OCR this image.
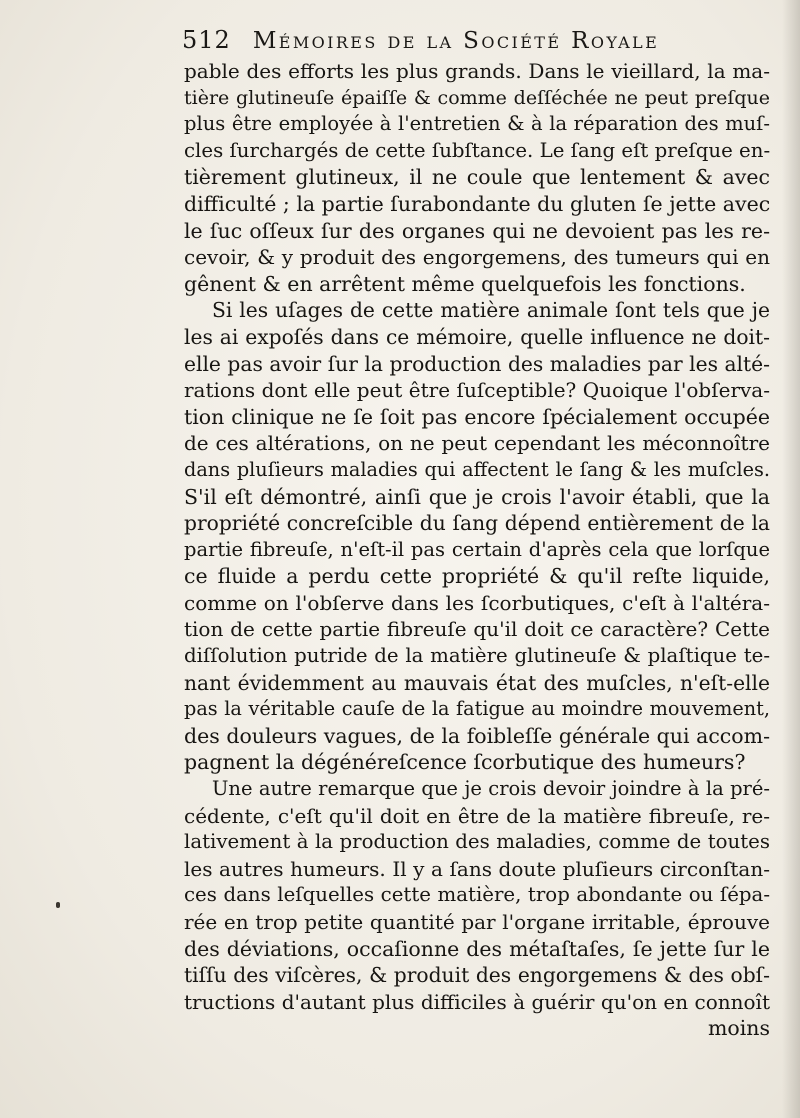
512 Mémoires de la Société Royale
pable des efforts les plus grands. Dans le vieillard, la ma-
tière glutineuſe épaiſſe & comme deſſéchée ne peut preſque
plus être employée à l'entretien & à la réparation des muſ-
cles ſurchargés de cette ſubſtance. Le ſang eſt preſque en-
tièrement glutineux, il ne coule que lentement & avec
difficulté ; la partie ſurabondante du gluten ſe jette avec
le ſuc oſſeux ſur des organes qui ne devoient pas les re-
cevoir, & y produit des engorgemens, des tumeurs qui en
gênent & en arrêtent même quelquefois les fonctions.
Si les uſages de cette matière animale ſont tels que je
les ai expoſés dans ce mémoire, quelle influence ne doit-
elle pas avoir ſur la production des maladies par les alté-
rations dont elle peut être ſuſceptible? Quoique l'obſerva-
tion clinique ne ſe ſoit pas encore ſpécialement occupée
de ces altérations, on ne peut cependant les méconnoître
dans pluſieurs maladies qui affectent le ſang & les muſcles.
S'il eſt démontré, ainſi que je crois l'avoir établi, que la
propriété concreſcible du ſang dépend entièrement de la
partie fibreuſe, n'eſt-il pas certain d'après cela que lorſque
ce fluide a perdu cette propriété & qu'il reſte liquide,
comme on l'obſerve dans les ſcorbutiques, c'eſt à l'altéra-
tion de cette partie fibreuſe qu'il doit ce caractère? Cette
diſſolution putride de la matière glutineuſe & plaſtique te-
nant évidemment au mauvais état des muſcles, n'eſt-elle
pas la véritable cauſe de la fatigue au moindre mouvement,
des douleurs vagues, de la foibleſſe générale qui accom-
pagnent la dégénéreſcence ſcorbutique des humeurs?
Une autre remarque que je crois devoir joindre à la pré-
cédente, c'eſt qu'il doit en être de la matière fibreuſe, re-
lativement à la production des maladies, comme de toutes
les autres humeurs. Il y a ſans doute pluſieurs circonſtan-
ces dans leſquelles cette matière, trop abondante ou ſépa-
rée en trop petite quantité par l'organe irritable, éprouve
des déviations, occaſionne des métaſtaſes, ſe jette ſur le
tiſſu des viſcères, & produit des engorgemens & des obſ-
tructions d'autant plus difficiles à guérir qu'on en connoît
moins
